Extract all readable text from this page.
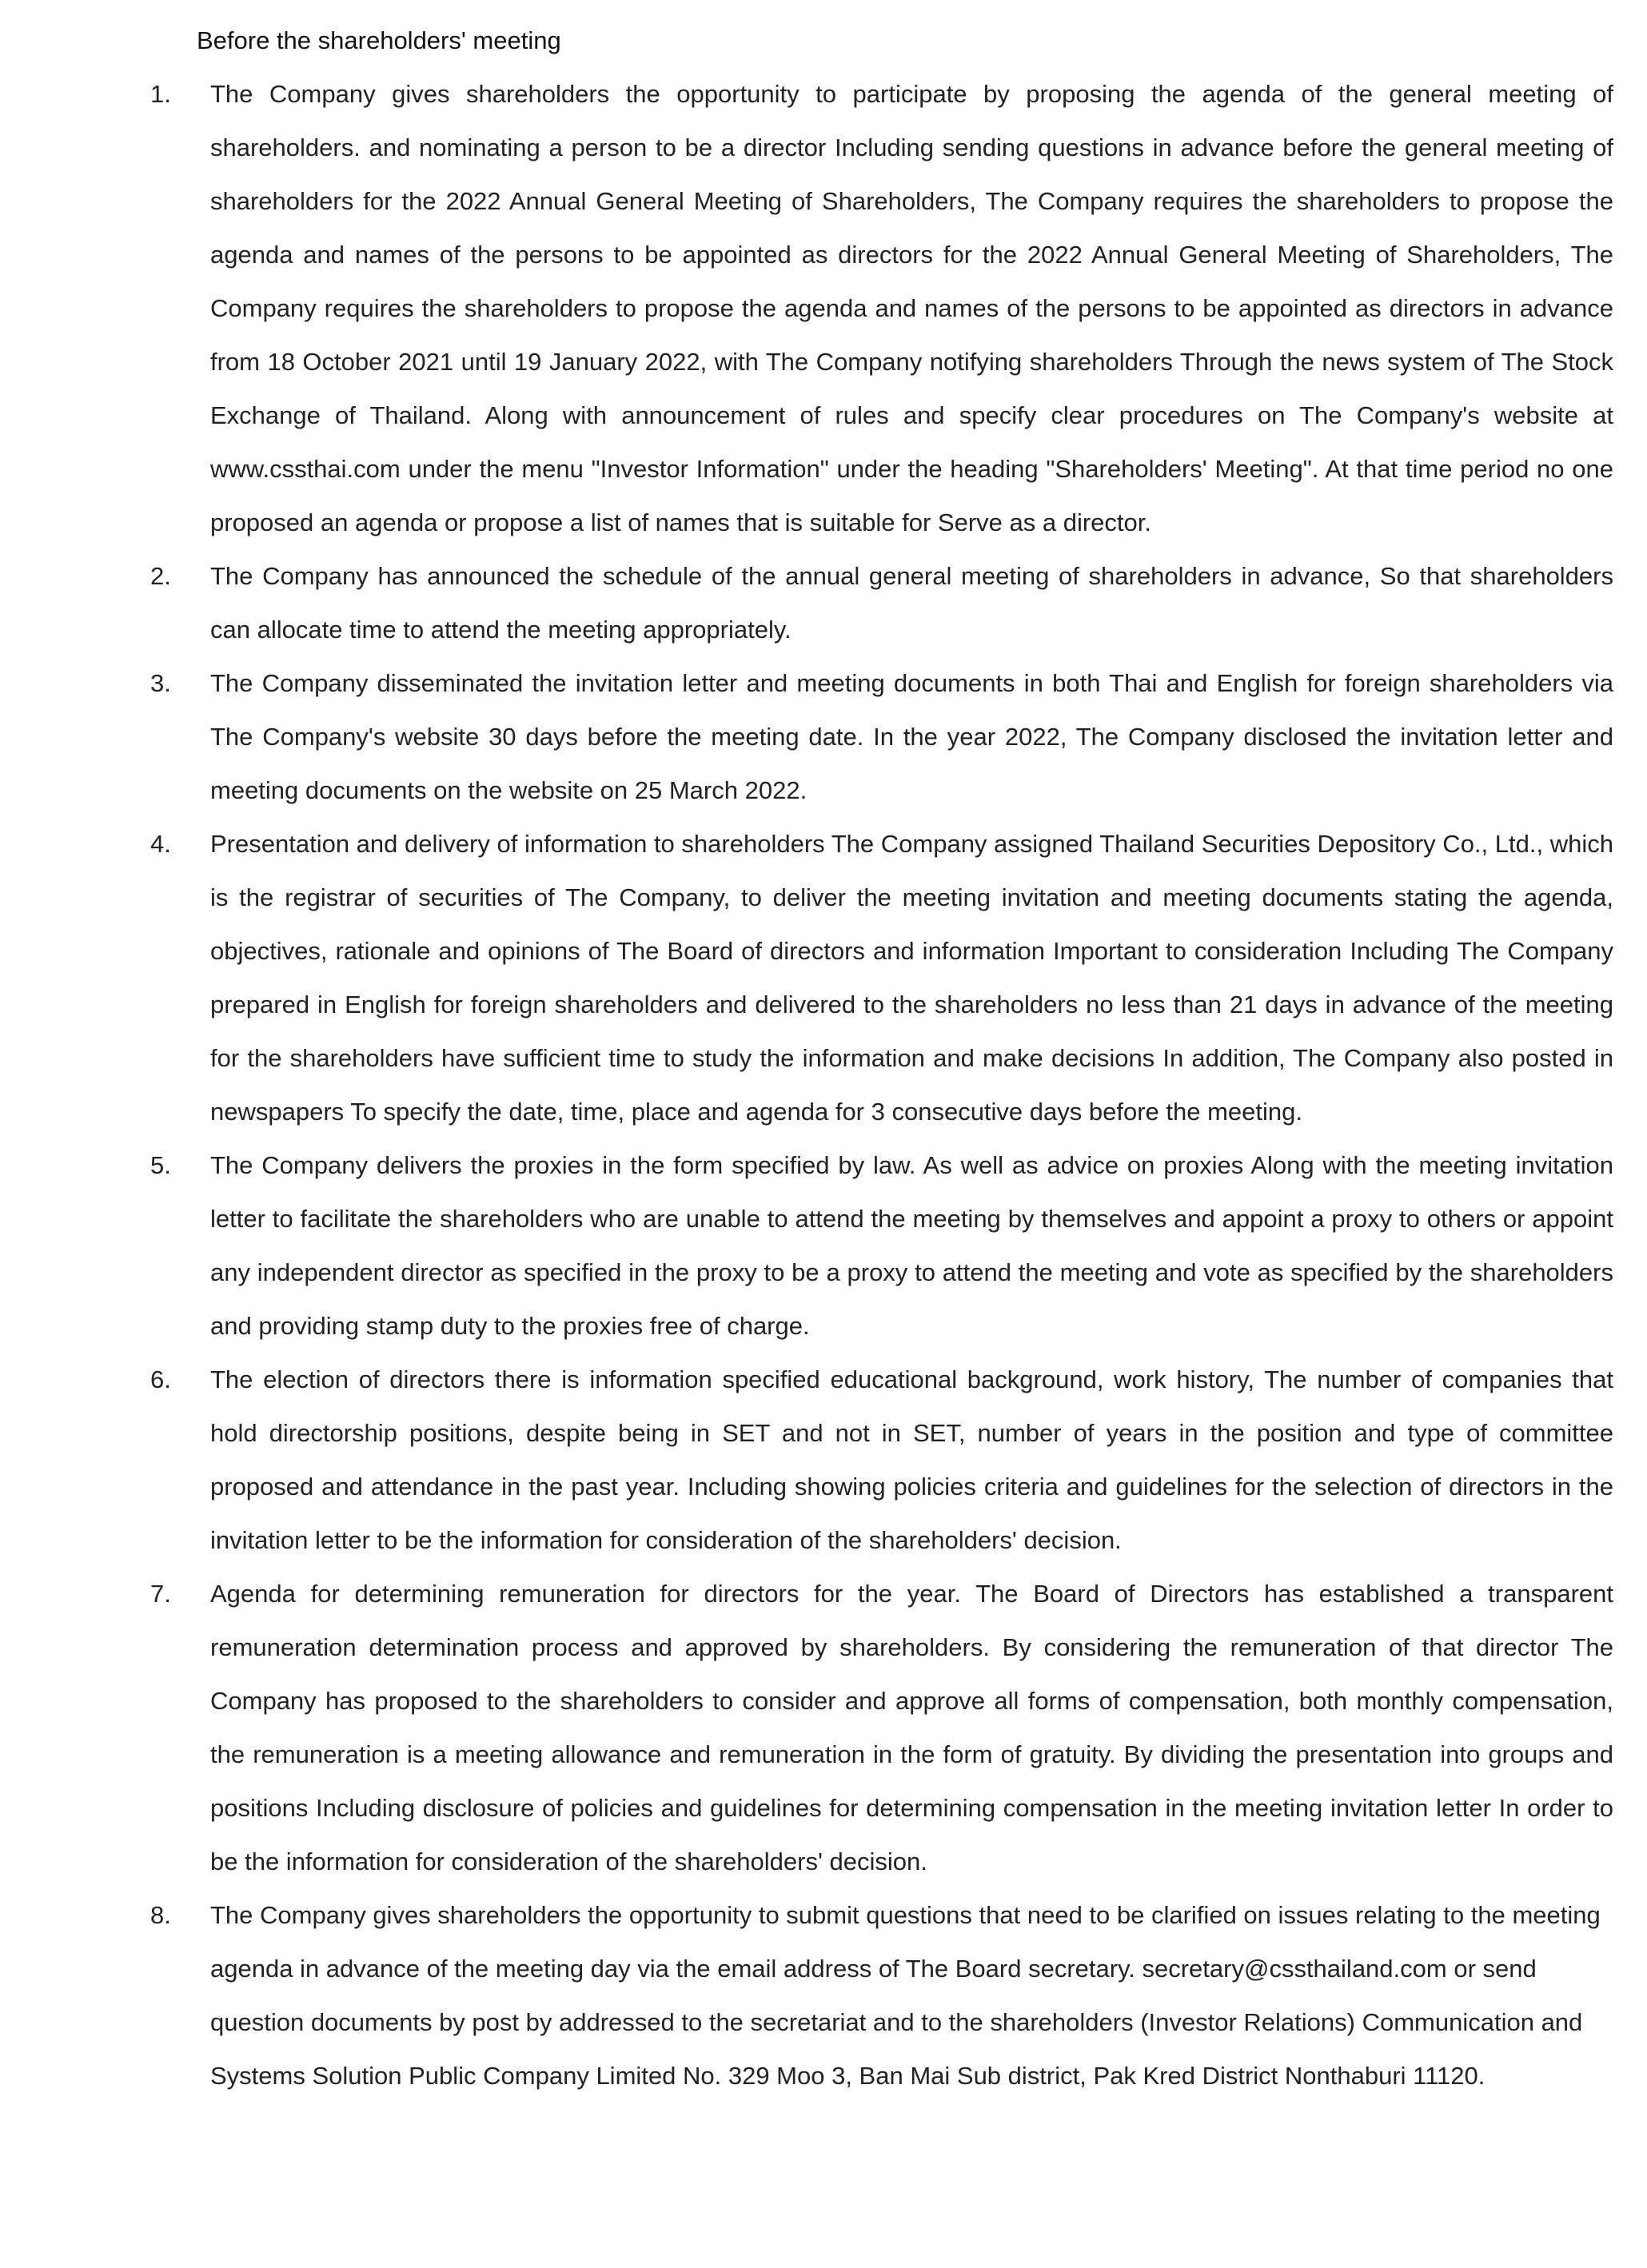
Before the shareholders' meeting
1. The Company gives shareholders the opportunity to participate by proposing the agenda of the general meeting of shareholders. and nominating a person to be a director Including sending questions in advance before the general meeting of shareholders for the 2022 Annual General Meeting of Shareholders, The Company requires the shareholders to propose the agenda and names of the persons to be appointed as directors for the 2022 Annual General Meeting of Shareholders, The Company requires the shareholders to propose the agenda and names of the persons to be appointed as directors in advance from 18 October 2021 until 19 January 2022, with The Company notifying shareholders Through the news system of The Stock Exchange of Thailand. Along with announcement of rules and specify clear procedures on The Company's website at www.cssthai.com under the menu "Investor Information" under the heading "Shareholders' Meeting". At that time period no one proposed an agenda or propose a list of names that is suitable for Serve as a director.
2. The Company has announced the schedule of the annual general meeting of shareholders in advance, So that shareholders can allocate time to attend the meeting appropriately.
3. The Company disseminated the invitation letter and meeting documents in both Thai and English for foreign shareholders via The Company's website 30 days before the meeting date. In the year 2022, The Company disclosed the invitation letter and meeting documents on the website on 25 March 2022.
4. Presentation and delivery of information to shareholders The Company assigned Thailand Securities Depository Co., Ltd., which is the registrar of securities of The Company, to deliver the meeting invitation and meeting documents stating the agenda, objectives, rationale and opinions of The Board of directors and information Important to consideration Including The Company prepared in English for foreign shareholders and delivered to the shareholders no less than 21 days in advance of the meeting for the shareholders have sufficient time to study the information and make decisions In addition, The Company also posted in newspapers To specify the date, time, place and agenda for 3 consecutive days before the meeting.
5. The Company delivers the proxies in the form specified by law. As well as advice on proxies Along with the meeting invitation letter to facilitate the shareholders who are unable to attend the meeting by themselves and appoint a proxy to others or appoint any independent director as specified in the proxy to be a proxy to attend the meeting and vote as specified by the shareholders and providing stamp duty to the proxies free of charge.
6. The election of directors there is information specified educational background, work history, The number of companies that hold directorship positions, despite being in SET and not in SET, number of years in the position and type of committee proposed and attendance in the past year. Including showing policies criteria and guidelines for the selection of directors in the invitation letter to be the information for consideration of the shareholders' decision.
7. Agenda for determining remuneration for directors for the year. The Board of Directors has established a transparent remuneration determination process and approved by shareholders. By considering the remuneration of that director The Company has proposed to the shareholders to consider and approve all forms of compensation, both monthly compensation, the remuneration is a meeting allowance and remuneration in the form of gratuity. By dividing the presentation into groups and positions Including disclosure of policies and guidelines for determining compensation in the meeting invitation letter In order to be the information for consideration of the shareholders' decision.
8. The Company gives shareholders the opportunity to submit questions that need to be clarified on issues relating to the meeting agenda in advance of the meeting day via the email address of The Board secretary. secretary@cssthailand.com or send question documents by post by addressed to the secretariat and to the shareholders (Investor Relations) Communication and Systems Solution Public Company Limited No. 329 Moo 3, Ban Mai Sub district, Pak Kred District Nonthaburi 11120.
